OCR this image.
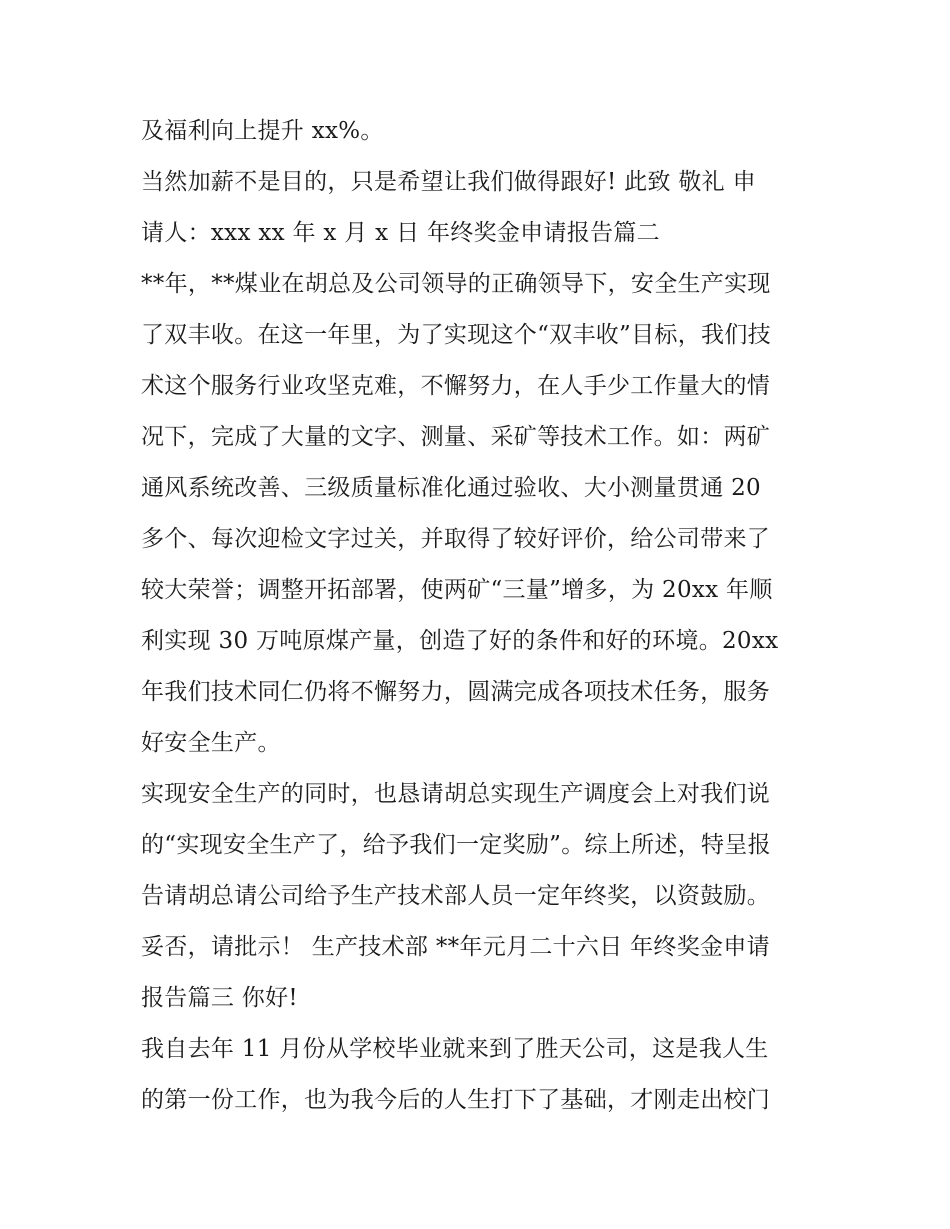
及福利向上提升 xx%。
当然加薪不是目的，只是希望让我们做得跟好! 此致 敬礼 申
请人：xxx xx 年 x 月 x 日 年终奖金申请报告篇二
**年，**煤业在胡总及公司领导的正确领导下，安全生产实现
了双丰收。在这一年里，为了实现这个“双丰收”目标，我们技
术这个服务行业攻坚克难，不懈努力，在人手少工作量大的情
况下，完成了大量的文字、测量、采矿等技术工作。如：两矿
通风系统改善、三级质量标准化通过验收、大小测量贯通 20
多个、每次迎检文字过关，并取得了较好评价，给公司带来了
较大荣誉；调整开拓部署，使两矿“三量”增多，为 20xx 年顺
利实现 30 万吨原煤产量，创造了好的条件和好的环境。20xx
年我们技术同仁仍将不懈努力，圆满完成各项技术任务，服务
好安全生产。
实现安全生产的同时，也恳请胡总实现生产调度会上对我们说
的“实现安全生产了，给予我们一定奖励”。综上所述，特呈报
告请胡总请公司给予生产技术部人员一定年终奖，以资鼓励。
妥否，请批示！ 生产技术部 **年元月二十六日 年终奖金申请
报告篇三 你好!
我自去年 11 月份从学校毕业就来到了胜天公司，这是我人生
的第一份工作，也为我今后的人生打下了基础，才刚走出校门
